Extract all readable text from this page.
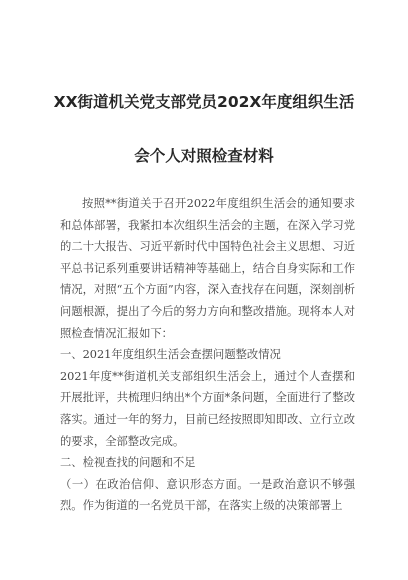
XX街道机关党支部党员202X年度组织生活
会个人对照检查材料

按照**街道关于召开2022年度组织生活会的通知要求和总体部署，我紧扣本次组织生活会的主题，在深入学习党的二十大报告、习近平新时代中国特色社会主义思想、习近平总书记系列重要讲话精神等基础上，结合自身实际和工作情况，对照“五个方面”内容，深入查找存在问题，深刻剖析问题根源，提出了今后的努力方向和整改措施。现将本人对照检查情况汇报如下：

一、2021年度组织生活会查摆问题整改情况

2021年度**街道机关支部组织生活会上，通过个人查摆和开展批评，共梳理归纳出*个方面*条问题，全面进行了整改落实。通过一年的努力，目前已经按照即知即改、立行立改的要求，全部整改完成。

二、检视查找的问题和不足

（一）在政治信仰、意识形态方面。一是政治意识不够强烈。作为街道的一名党员干部，在落实上级的决策部署上
